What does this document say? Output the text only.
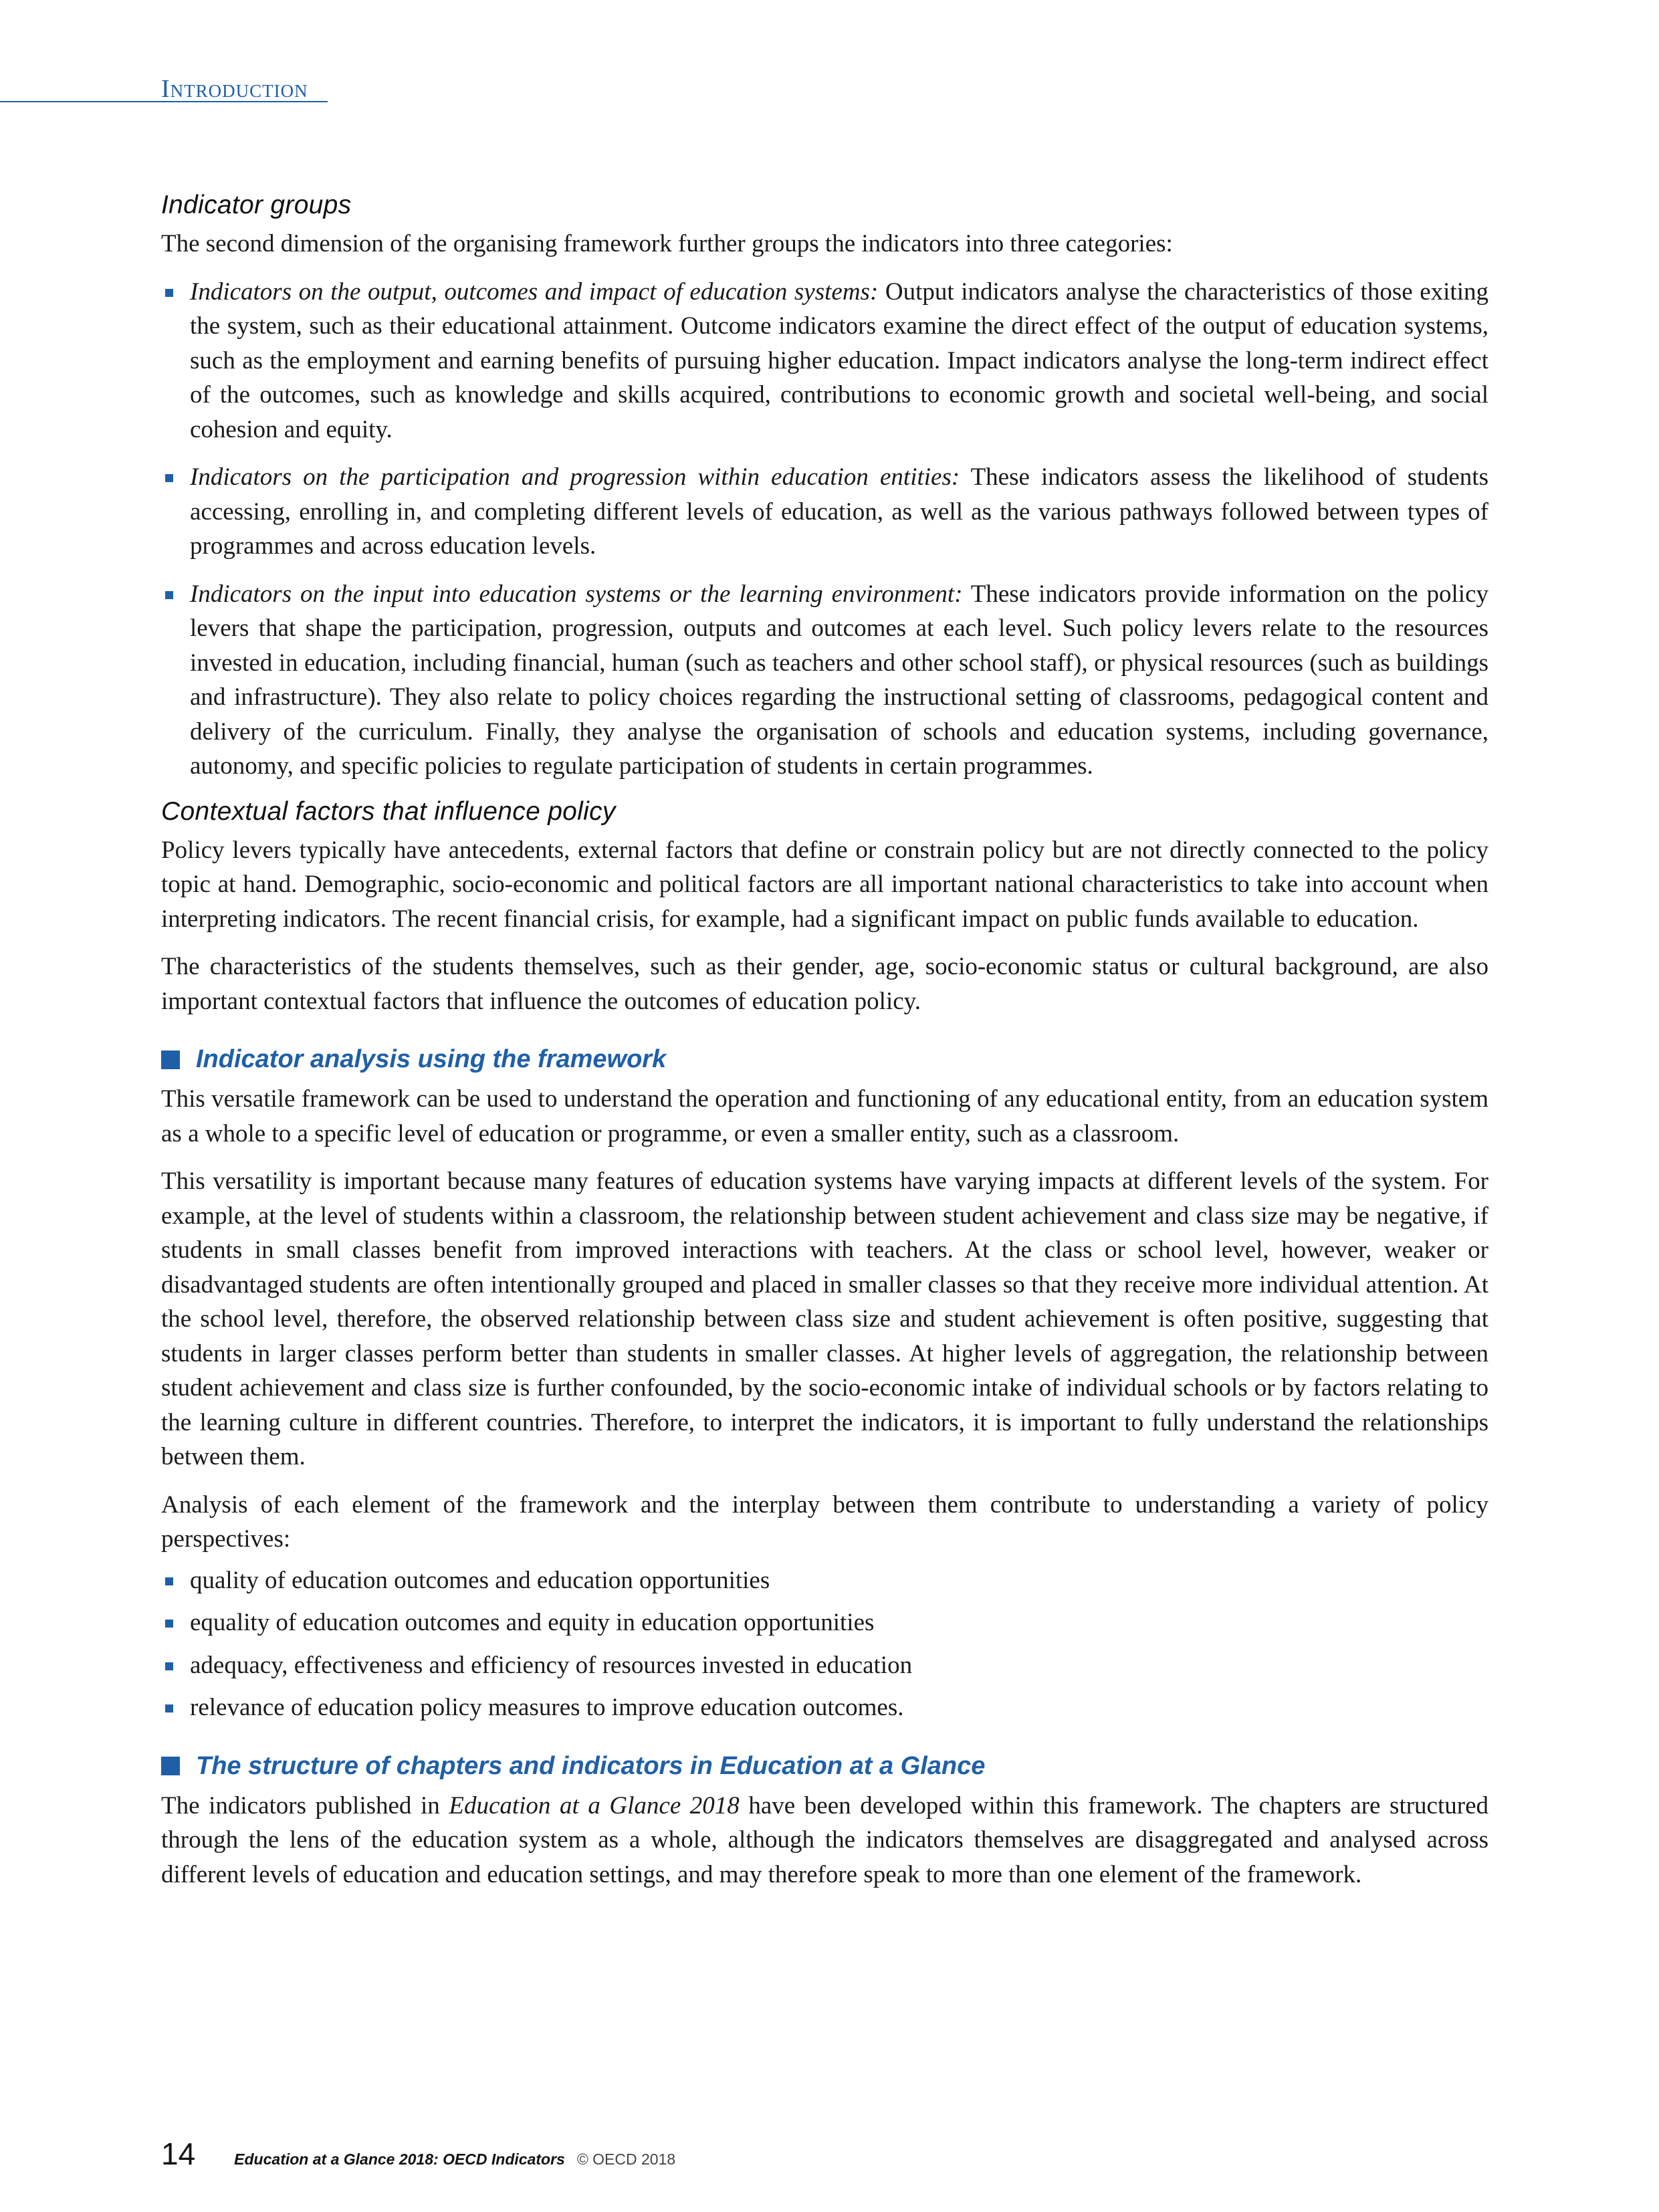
Introduction
Indicator groups

The second dimension of the organising framework further groups the indicators into three categories:

Indicators on the output, outcomes and impact of education systems: Output indicators analyse the characteristics of those exiting the system, such as their educational attainment. Outcome indicators examine the direct effect of the output of education systems, such as the employment and earning benefits of pursuing higher education. Impact indicators analyse the long-term indirect effect of the outcomes, such as knowledge and skills acquired, contributions to economic growth and societal well-being, and social cohesion and equity.
Indicators on the participation and progression within education entities: These indicators assess the likelihood of students accessing, enrolling in, and completing different levels of education, as well as the various pathways followed between types of programmes and across education levels.
Indicators on the input into education systems or the learning environment: These indicators provide information on the policy levers that shape the participation, progression, outputs and outcomes at each level. Such policy levers relate to the resources invested in education, including financial, human (such as teachers and other school staff), or physical resources (such as buildings and infrastructure). They also relate to policy choices regarding the instructional setting of classrooms, pedagogical content and delivery of the curriculum. Finally, they analyse the organisation of schools and education systems, including governance, autonomy, and specific policies to regulate participation of students in certain programmes.
Contextual factors that influence policy

Policy levers typically have antecedents, external factors that define or constrain policy but are not directly connected to the policy topic at hand. Demographic, socio-economic and political factors are all important national characteristics to take into account when interpreting indicators. The recent financial crisis, for example, had a significant impact on public funds available to education.

The characteristics of the students themselves, such as their gender, age, socio-economic status or cultural background, are also important contextual factors that influence the outcomes of education policy.

Indicator analysis using the framework

This versatile framework can be used to understand the operation and functioning of any educational entity, from an education system as a whole to a specific level of education or programme, or even a smaller entity, such as a classroom.

This versatility is important because many features of education systems have varying impacts at different levels of the system. For example, at the level of students within a classroom, the relationship between student achievement and class size may be negative, if students in small classes benefit from improved interactions with teachers. At the class or school level, however, weaker or disadvantaged students are often intentionally grouped and placed in smaller classes so that they receive more individual attention. At the school level, therefore, the observed relationship between class size and student achievement is often positive, suggesting that students in larger classes perform better than students in smaller classes. At higher levels of aggregation, the relationship between student achievement and class size is further confounded, by the socio-economic intake of individual schools or by factors relating to the learning culture in different countries. Therefore, to interpret the indicators, it is important to fully understand the relationships between them.

Analysis of each element of the framework and the interplay between them contribute to understanding a variety of policy perspectives:

quality of education outcomes and education opportunities
equality of education outcomes and equity in education opportunities
adequacy, effectiveness and efficiency of resources invested in education
relevance of education policy measures to improve education outcomes.
The structure of chapters and indicators in Education at a Glance

The indicators published in Education at a Glance 2018 have been developed within this framework. The chapters are structured through the lens of the education system as a whole, although the indicators themselves are disaggregated and analysed across different levels of education and education settings, and may therefore speak to more than one element of the framework.

14	Education at a Glance 2018: OECD Indicators © OECD 2018
